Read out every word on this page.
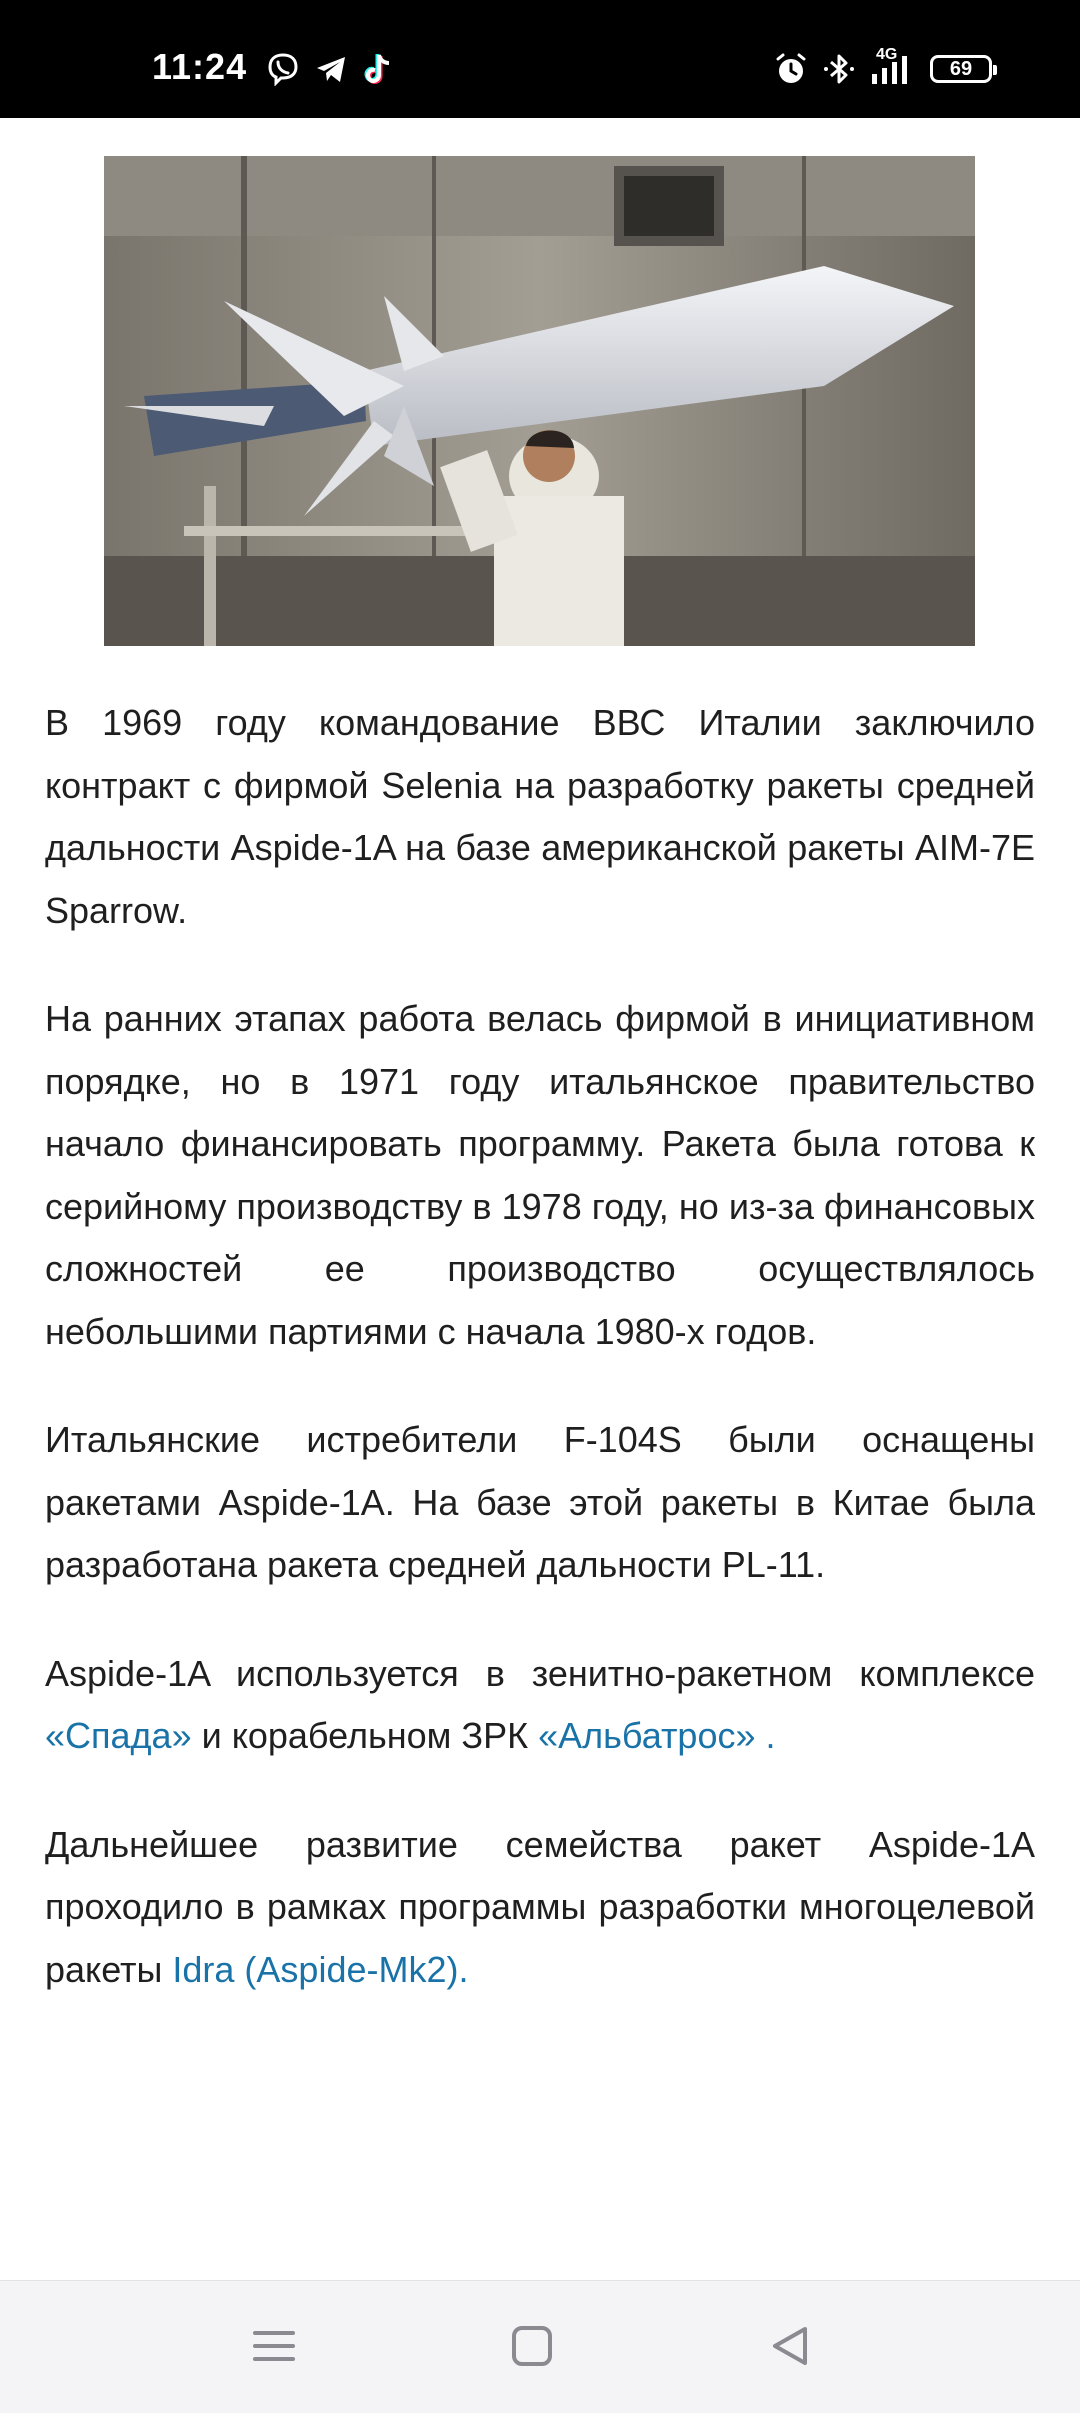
11:24	4G
69

В 1969 году командование ВВС Италии заключило контракт с фирмой Selenia на разработку ракеты средней дальности Aspide-1A на базе американской ракеты AIM-7E Sparrow.

На ранних этапах работа велась фирмой в инициативном порядке, но в 1971 году итальянское правительство начало финансировать программу. Ракета была готова к серийному производству в 1978 году, но из-за финансовых сложностей ее производство осуществлялось небольшими партиями с начала 1980-х годов.

Итальянские истребители F-104S были оснащены ракетами Aspide-1A. На базе этой ракеты в Китае была разработана ракета средней дальности PL-11.

Aspide-1A используется в зенитно-ракетном комплексе «Спада» и корабельном ЗРК «Альбатрос» .

Дальнейшее развитие семейства ракет Aspide-1A проходило в рамках программы разработки многоцелевой ракеты Idra (Aspide-Mk2).
